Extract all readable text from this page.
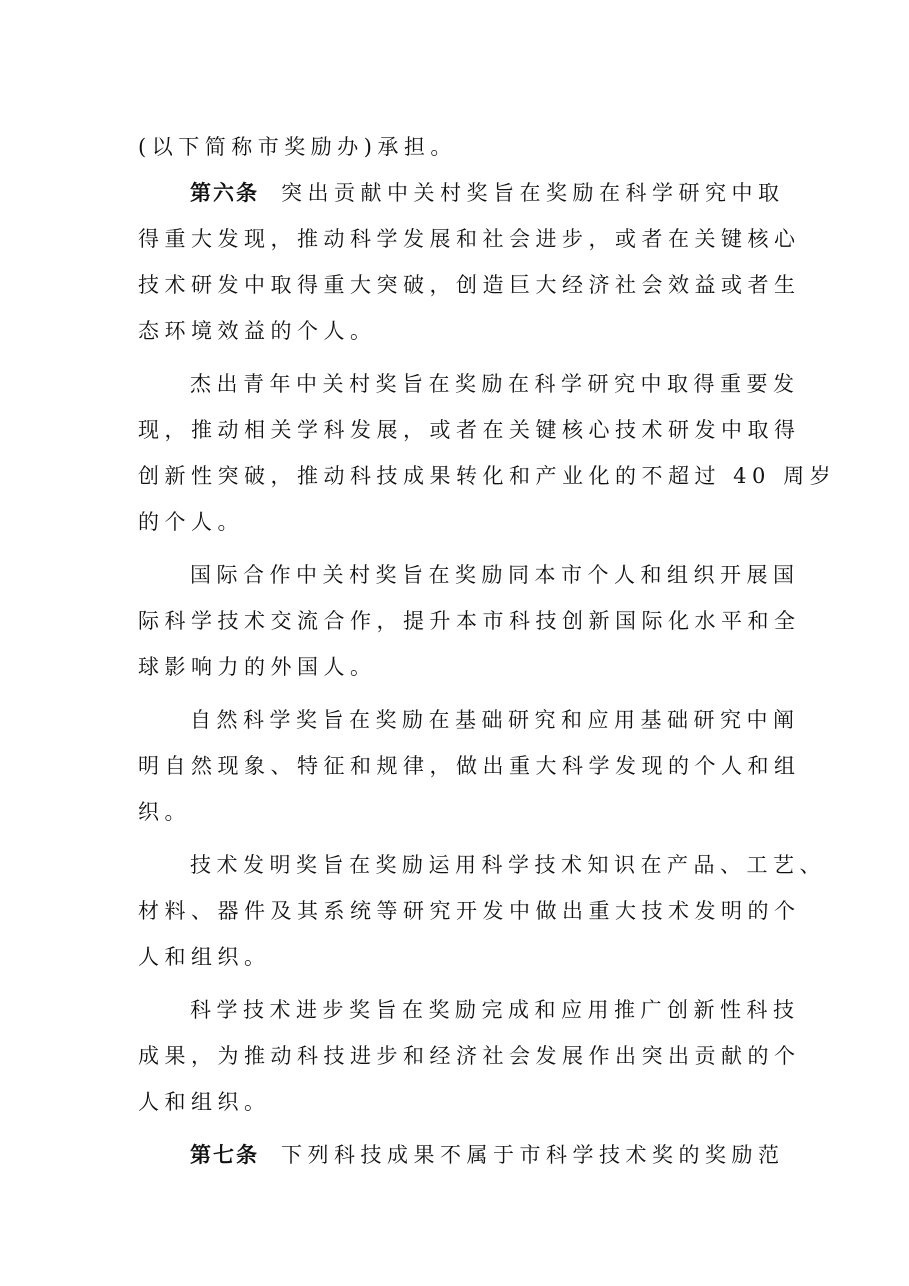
(以下简称市奖励办)承担。
第六条 突出贡献中关村奖旨在奖励在科学研究中取
得重大发现，推动科学发展和社会进步，或者在关键核心
技术研发中取得重大突破，创造巨大经济社会效益或者生
态环境效益的个人。
杰出青年中关村奖旨在奖励在科学研究中取得重要发
现，推动相关学科发展，或者在关键核心技术研发中取得
创新性突破，推动科技成果转化和产业化的不超过 40 周岁
的个人。
国际合作中关村奖旨在奖励同本市个人和组织开展国
际科学技术交流合作，提升本市科技创新国际化水平和全
球影响力的外国人。
自然科学奖旨在奖励在基础研究和应用基础研究中阐
明自然现象、特征和规律，做出重大科学发现的个人和组
织。
技术发明奖旨在奖励运用科学技术知识在产品、工艺、
材料、器件及其系统等研究开发中做出重大技术发明的个
人和组织。
科学技术进步奖旨在奖励完成和应用推广创新性科技
成果，为推动科技进步和经济社会发展作出突出贡献的个
人和组织。
第七条 下列科技成果不属于市科学技术奖的奖励范
